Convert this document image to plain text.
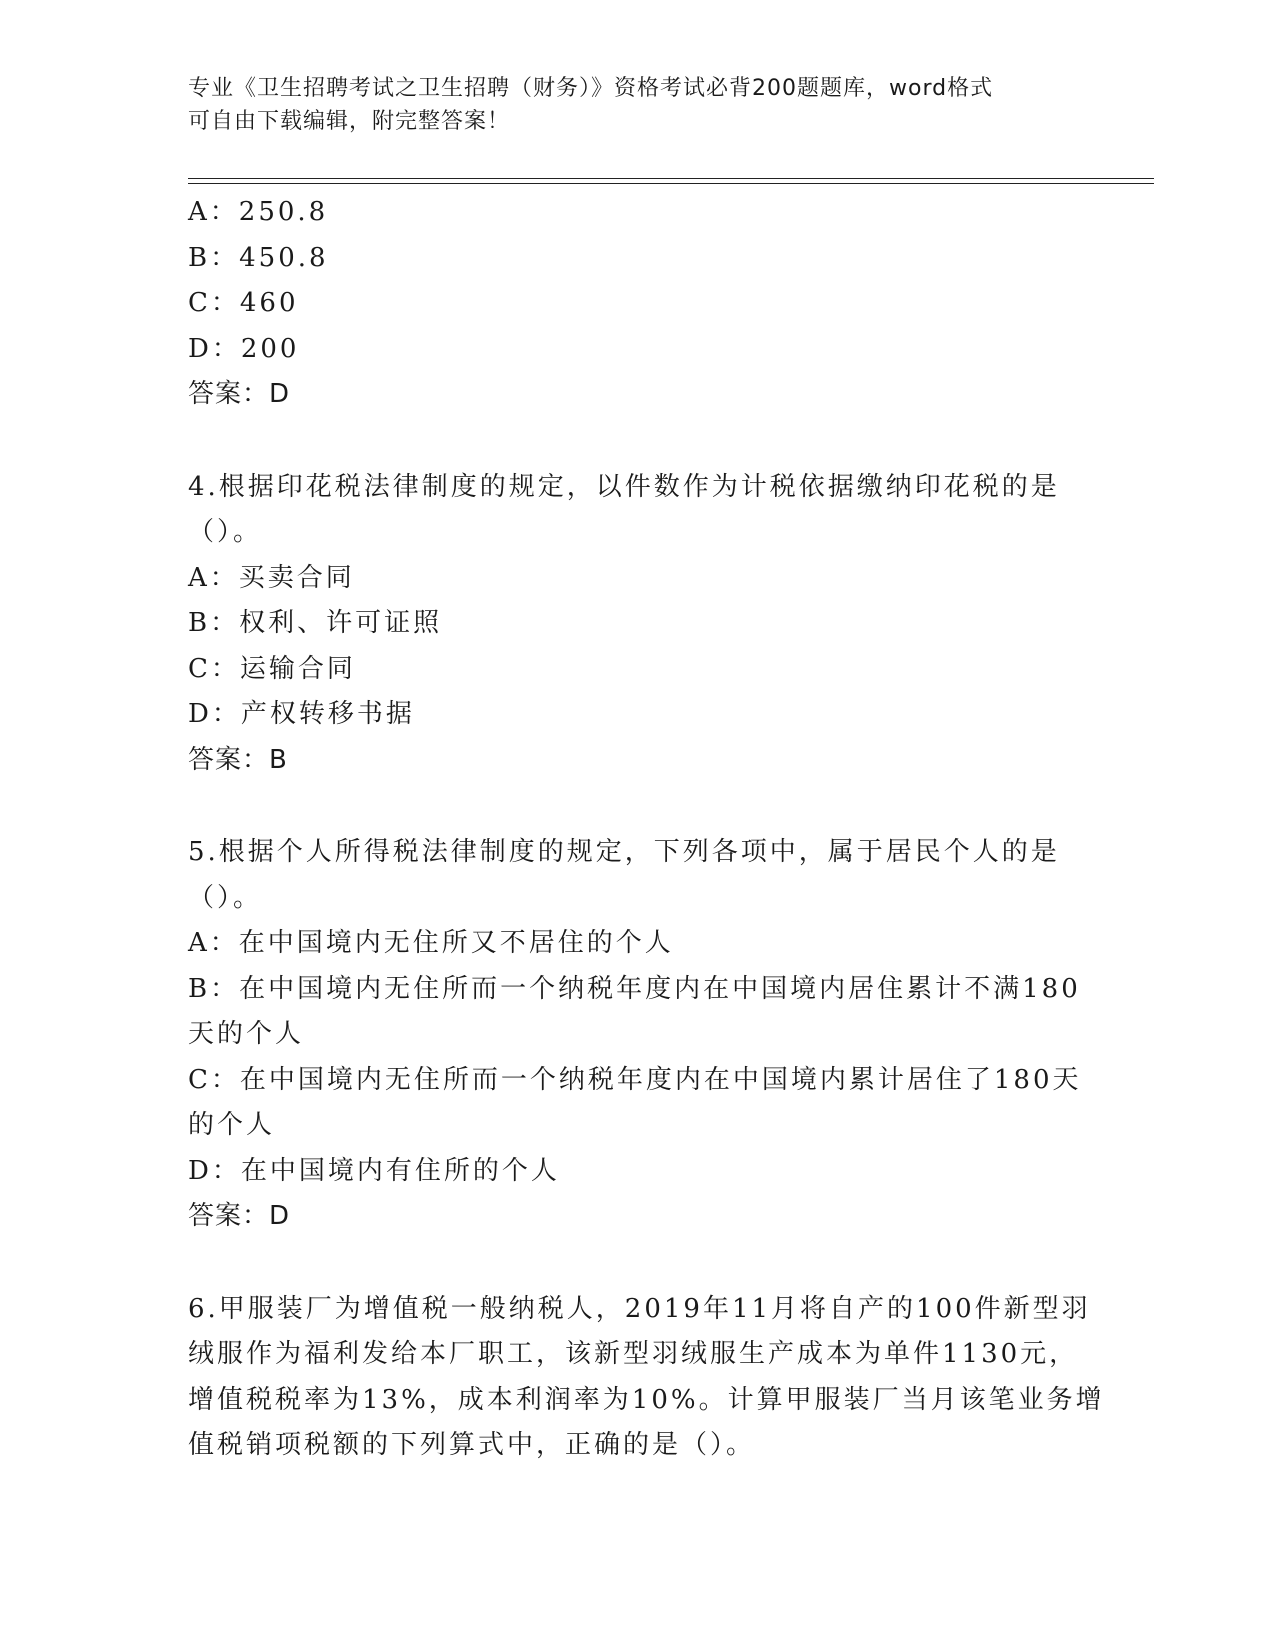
专业《卫生招聘考试之卫生招聘（财务）》资格考试必背200题题库，word格式
可自由下载编辑，附完整答案！
A：250.8
B：450.8
C：460
D：200
答案：D
4.根据印花税法律制度的规定，以件数作为计税依据缴纳印花税的是
（）。
A：买卖合同
B：权利、许可证照
C：运输合同
D：产权转移书据
答案：B
5.根据个人所得税法律制度的规定，下列各项中，属于居民个人的是
（）。
A：在中国境内无住所又不居住的个人
B：在中国境内无住所而一个纳税年度内在中国境内居住累计不满180
天的个人
C：在中国境内无住所而一个纳税年度内在中国境内累计居住了180天
的个人
D：在中国境内有住所的个人
答案：D
6.甲服装厂为增值税一般纳税人，2019年11月将自产的100件新型羽
绒服作为福利发给本厂职工，该新型羽绒服生产成本为单件1130元，
增值税税率为13%，成本利润率为10%。计算甲服装厂当月该笔业务增
值税销项税额的下列算式中，正确的是（）。
